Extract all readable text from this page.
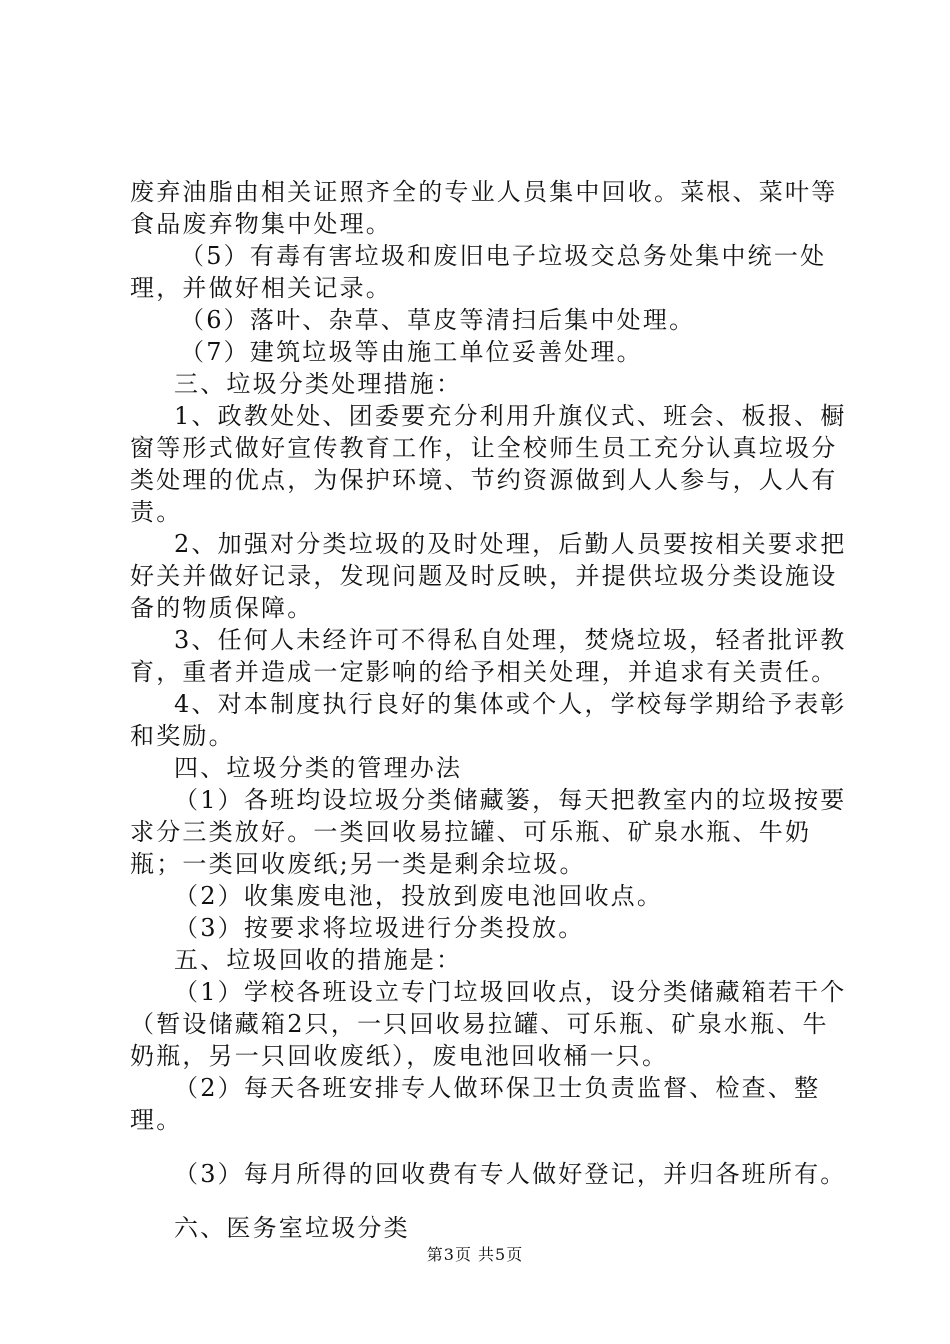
废弃油脂由相关证照齐全的专业人员集中回收。菜根、菜叶等食品废弃物集中处理。

（5）有毒有害垃圾和废旧电子垃圾交总务处集中统一处理，并做好相关记录。

（6）落叶、杂草、草皮等清扫后集中处理。

（7）建筑垃圾等由施工单位妥善处理。

三、垃圾分类处理措施：

1、政教处处、团委要充分利用升旗仪式、班会、板报、橱窗等形式做好宣传教育工作，让全校师生员工充分认真垃圾分类处理的优点，为保护环境、节约资源做到人人参与，人人有责。

2、加强对分类垃圾的及时处理，后勤人员要按相关要求把好关并做好记录，发现问题及时反映，并提供垃圾分类设施设备的物质保障。

3、任何人未经许可不得私自处理，焚烧垃圾，轻者批评教育，重者并造成一定影响的给予相关处理，并追求有关责任。

4、对本制度执行良好的集体或个人，学校每学期给予表彰和奖励。

四、垃圾分类的管理办法

（1）各班均设垃圾分类储藏篓，每天把教室内的垃圾按要求分三类放好。一类回收易拉罐、可乐瓶、矿泉水瓶、牛奶瓶；一类回收废纸;另一类是剩余垃圾。

（2）收集废电池，投放到废电池回收点。

（3）按要求将垃圾进行分类投放。

五、垃圾回收的措施是：

（1）学校各班设立专门垃圾回收点，设分类储藏箱若干个（暂设储藏箱2只，一只回收易拉罐、可乐瓶、矿泉水瓶、牛奶瓶，另一只回收废纸），废电池回收桶一只。

（2）每天各班安排专人做环保卫士负责监督、检查、整理。

（3）每月所得的回收费有专人做好登记，并归各班所有。

六、医务室垃圾分类

第3页 共5页
